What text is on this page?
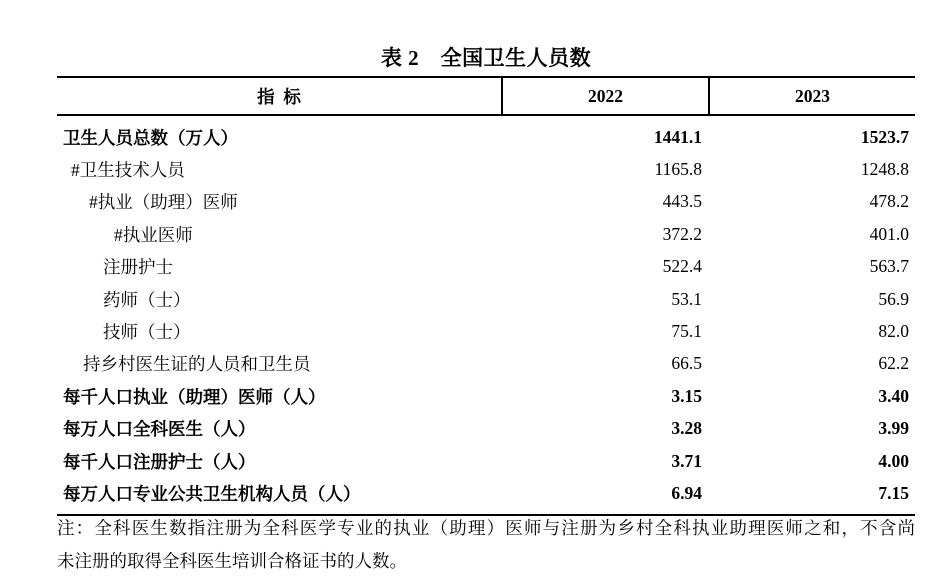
表 2　全国卫生人员数
指  标	2022	2023
卫生人员总数（万人）	1441.1	1523.7
#卫生技术人员	1165.8	1248.8
#执业（助理）医师	443.5	478.2
#执业医师	372.2	401.0
注册护士	522.4	563.7
药师（士）	53.1	56.9
技师（士）	75.1	82.0
持乡村医生证的人员和卫生员	66.5	62.2
每千人口执业（助理）医师（人）	3.15	3.40
每万人口全科医生（人）	3.28	3.99
每千人口注册护士（人）	3.71	4.00
每万人口专业公共卫生机构人员（人）	6.94	7.15
注：全科医生数指注册为全科医学专业的执业（助理）医师与注册为乡村全科执业助理医师之和，不含尚
未注册的取得全科医生培训合格证书的人数。
